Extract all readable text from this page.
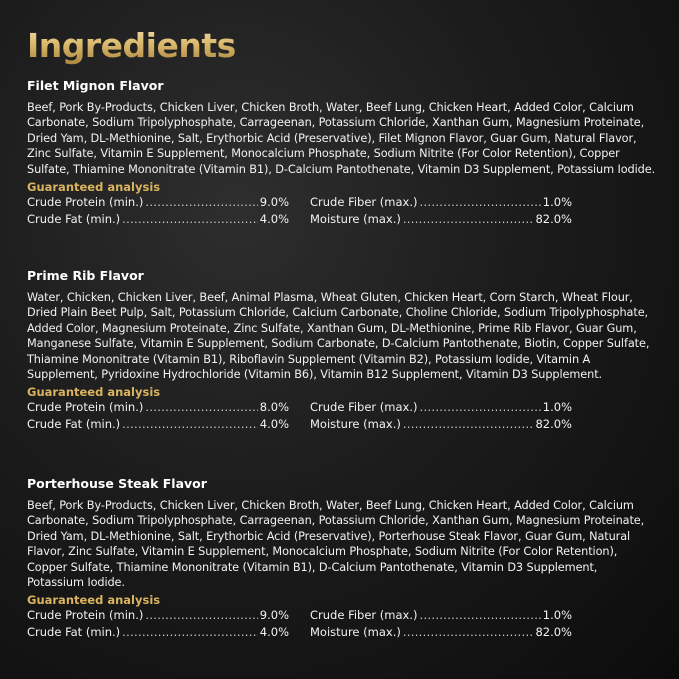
Ingredients

Filet Mignon Flavor

Beef, Pork By-Products, Chicken Liver, Chicken Broth, Water, Beef Lung, Chicken Heart, Added Color, Calcium Carbonate, Sodium Tripolyphosphate, Carrageenan, Potassium Chloride, Xanthan Gum, Magnesium Proteinate, Dried Yam, DL-Methionine, Salt, Erythorbic Acid (Preservative), Filet Mignon Flavor, Guar Gum, Natural Flavor, Zinc Sulfate, Vitamin E Supplement, Monocalcium Phosphate, Sodium Nitrite (For Color Retention), Copper Sulfate, Thiamine Mononitrate (Vitamin B1), D-Calcium Pantothenate, Vitamin D3 Supplement, Potassium Iodide.

Guaranteed analysis

Crude Protein (min.) .....	9.0% Crude Fiber (max.) .....	1.0%
Crude Fat (min.) .....	4.0% Moisture (max.) .....	82.0%

Prime Rib Flavor

Water, Chicken, Chicken Liver, Beef, Animal Plasma, Wheat Gluten, Chicken Heart, Corn Starch, Wheat Flour, Dried Plain Beet Pulp, Salt, Potassium Chloride, Calcium Carbonate, Choline Chloride, Sodium Tripolyphosphate, Added Color, Magnesium Proteinate, Zinc Sulfate, Xanthan Gum, DL-Methionine, Prime Rib Flavor, Guar Gum, Manganese Sulfate, Vitamin E Supplement, Sodium Carbonate, D-Calcium Pantothenate, Biotin, Copper Sulfate, Thiamine Mononitrate (Vitamin B1), Riboflavin Supplement (Vitamin B2), Potassium Iodide, Vitamin A Supplement, Pyridoxine Hydrochloride (Vitamin B6), Vitamin B12 Supplement, Vitamin D3 Supplement.

Guaranteed analysis

Crude Protein (min.) .....	8.0% Crude Fiber (max.) .....	1.0%
Crude Fat (min.) .....	4.0% Moisture (max.) .....	82.0%

Porterhouse Steak Flavor

Beef, Pork By-Products, Chicken Liver, Chicken Broth, Water, Beef Lung, Chicken Heart, Added Color, Calcium Carbonate, Sodium Tripolyphosphate, Carrageenan, Potassium Chloride, Xanthan Gum, Magnesium Proteinate, Dried Yam, DL-Methionine, Salt, Erythorbic Acid (Preservative), Porterhouse Steak Flavor, Guar Gum, Natural Flavor, Zinc Sulfate, Vitamin E Supplement, Monocalcium Phosphate, Sodium Nitrite (For Color Retention), Copper Sulfate, Thiamine Mononitrate (Vitamin B1), D-Calcium Pantothenate, Vitamin D3 Supplement, Potassium Iodide.

Guaranteed analysis

Crude Protein (min.) .....	9.0% Crude Fiber (max.) .....	1.0%
Crude Fat (min.) .....	4.0% Moisture (max.) .....	82.0%
